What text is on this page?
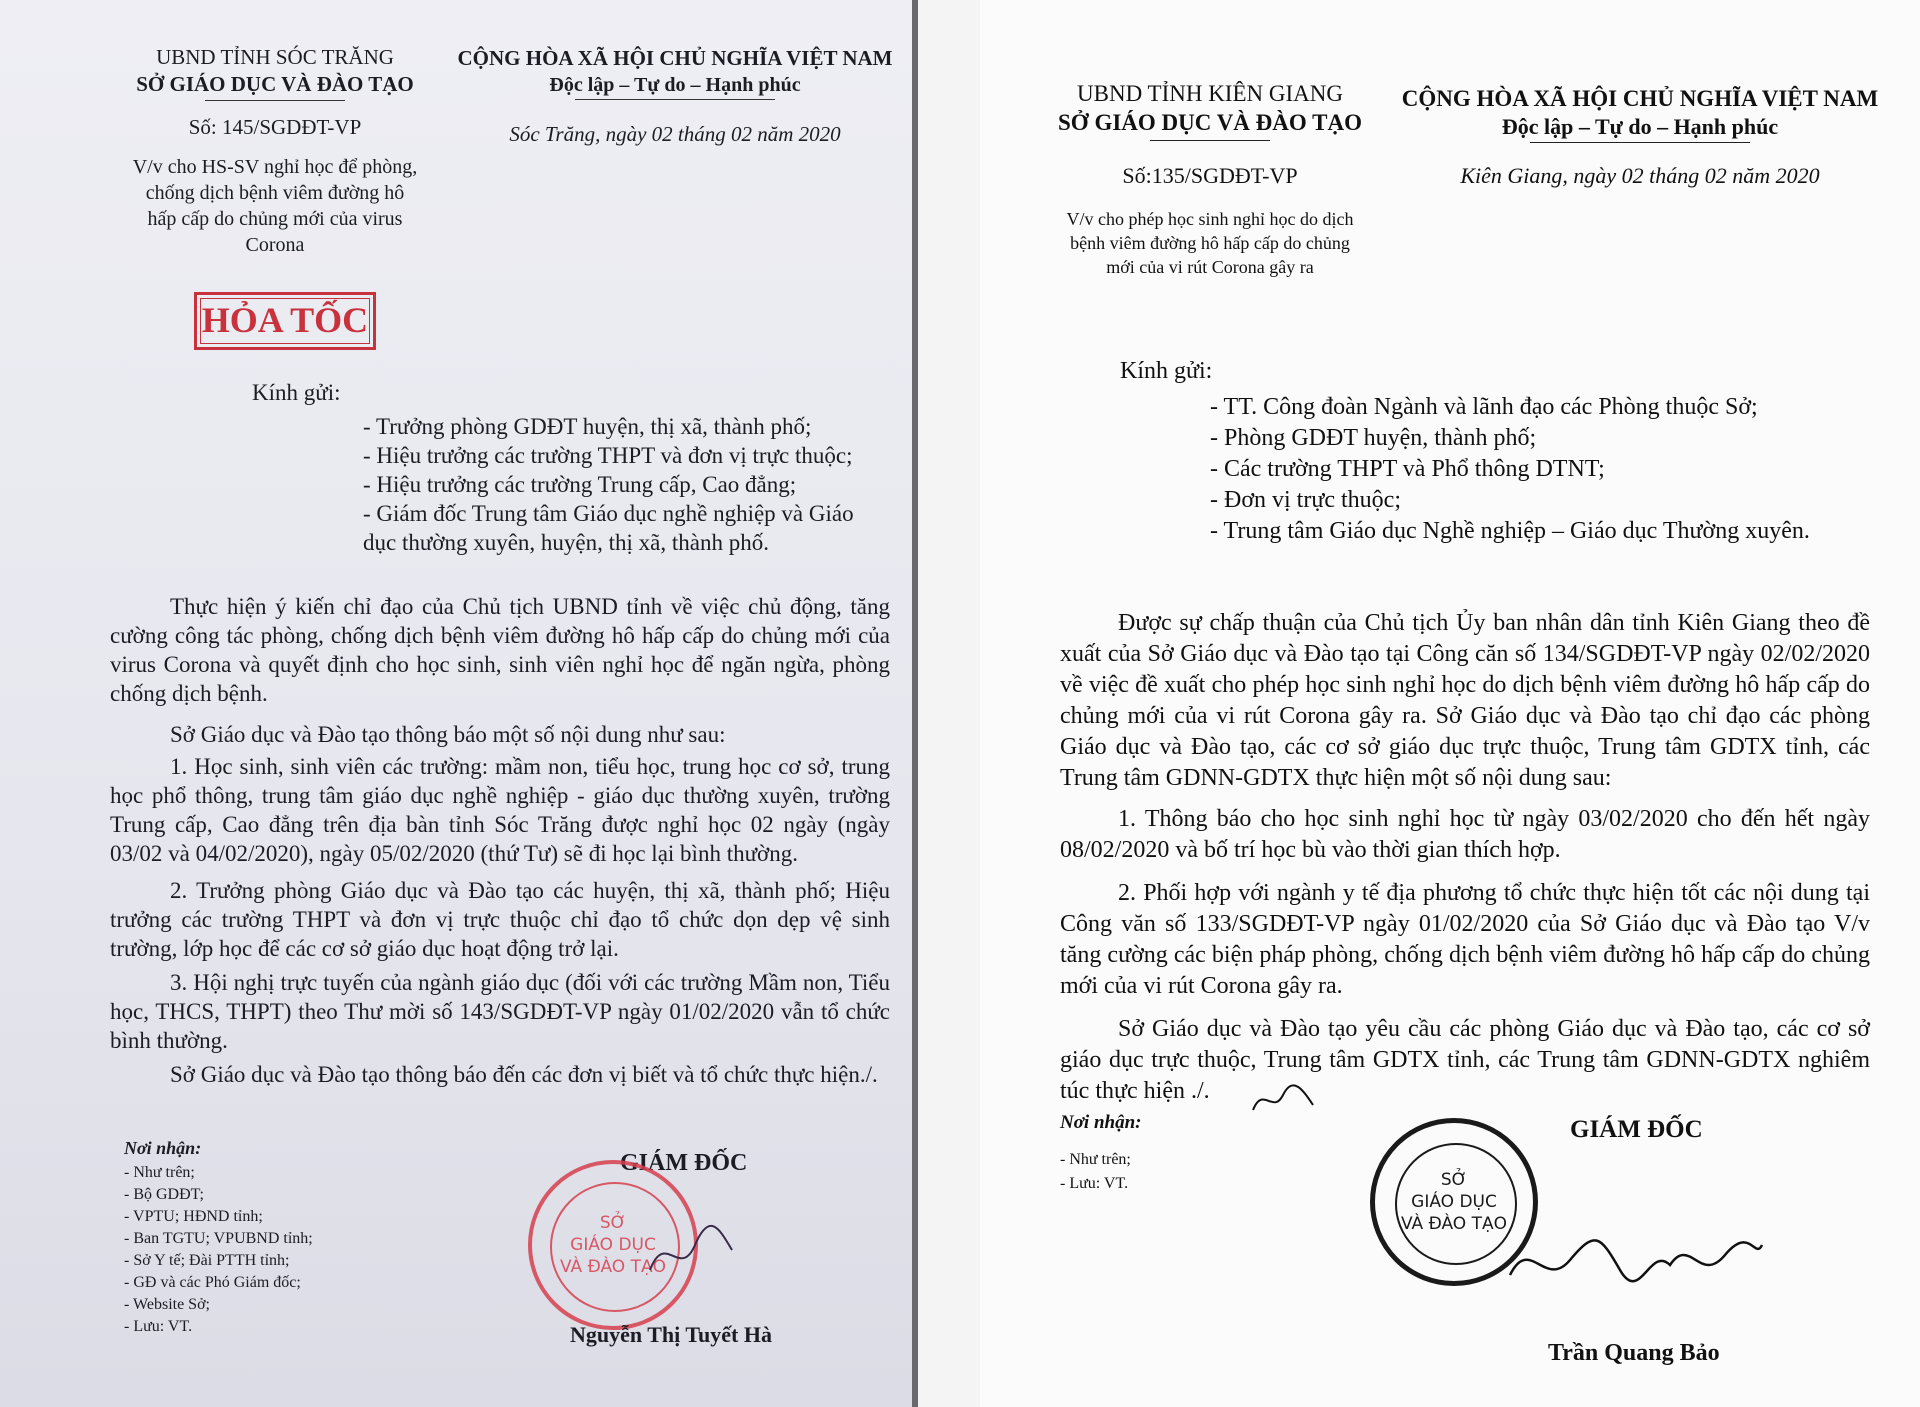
UBND TỈNH SÓC TRĂNG
SỞ GIÁO DỤC VÀ ĐÀO TẠO
Số: 145/SGDĐT-VP
V/v cho HS-SV nghỉ học để phòng,
chống dịch bệnh viêm đường hô
hấp cấp do chủng mới của virus
Corona
CỘNG HÒA XÃ HỘI CHỦ NGHĨA VIỆT NAM
Độc lập – Tự do – Hạnh phúc
Sóc Trăng, ngày 02 tháng 02 năm 2020
HỎA TỐC
Kính gửi:
- Trưởng phòng GDĐT huyện, thị xã, thành phố;
- Hiệu trưởng các trường THPT và đơn vị trực thuộc;
- Hiệu trưởng các trường Trung cấp, Cao đẳng;
- Giám đốc Trung tâm Giáo dục nghề nghiệp và Giáo
dục thường xuyên, huyện, thị xã, thành phố.
Thực hiện ý kiến chỉ đạo của Chủ tịch UBND tỉnh về việc chủ động, tăng cường công tác phòng, chống dịch bệnh viêm đường hô hấp cấp do chủng mới của virus Corona và quyết định cho học sinh, sinh viên nghỉ học để ngăn ngừa, phòng chống dịch bệnh.
Sở Giáo dục và Đào tạo thông báo một số nội dung như sau:
1. Học sinh, sinh viên các trường: mầm non, tiểu học, trung học cơ sở, trung học phổ thông, trung tâm giáo dục nghề nghiệp - giáo dục thường xuyên, trường Trung cấp, Cao đẳng trên địa bàn tỉnh Sóc Trăng được nghỉ học 02 ngày (ngày 03/02 và 04/02/2020), ngày 05/02/2020 (thứ Tư) sẽ đi học lại bình thường.
2. Trưởng phòng Giáo dục và Đào tạo các huyện, thị xã, thành phố; Hiệu trưởng các trường THPT và đơn vị trực thuộc chỉ đạo tổ chức dọn dẹp vệ sinh trường, lớp học để các cơ sở giáo dục hoạt động trở lại.
3. Hội nghị trực tuyến của ngành giáo dục (đối với các trường Mầm non, Tiểu học, THCS, THPT) theo Thư mời số 143/SGDĐT-VP ngày 01/02/2020 vẫn tổ chức bình thường.
Sở Giáo dục và Đào tạo thông báo đến các đơn vị biết và tổ chức thực hiện./.
Nơi nhận:
- Như trên;
- Bộ GDĐT;
- VPTU; HĐND tỉnh;
- Ban TGTU; VPUBND tỉnh;
- Sở Y tế; Đài PTTH tỉnh;
- GĐ và các Phó Giám đốc;
- Website Sở;
- Lưu: VT.
GIÁM ĐỐC
SỞ
GIÁO DỤC
VÀ ĐÀO TẠO
Nguyễn Thị Tuyết Hà
UBND TỈNH KIÊN GIANG
SỞ GIÁO DỤC VÀ ĐÀO TẠO
Số:135/SGDĐT-VP
V/v cho phép học sinh nghỉ học do dịch
bệnh viêm đường hô hấp cấp do chủng
mới của vi rút Corona gây ra
CỘNG HÒA XÃ HỘI CHỦ NGHĨA VIỆT NAM
Độc lập – Tự do – Hạnh phúc
Kiên Giang, ngày 02 tháng 02 năm 2020
Kính gửi:
- TT. Công đoàn Ngành và lãnh đạo các Phòng thuộc Sở;
- Phòng GDĐT huyện, thành phố;
- Các trường THPT và Phổ thông DTNT;
- Đơn vị trực thuộc;
- Trung tâm Giáo dục Nghề nghiệp – Giáo dục Thường xuyên.
Được sự chấp thuận của Chủ tịch Ủy ban nhân dân tỉnh Kiên Giang theo đề xuất của Sở Giáo dục và Đào tạo tại Công căn số 134/SGDĐT-VP ngày 02/02/2020 về việc đề xuất cho phép học sinh nghỉ học do dịch bệnh viêm đường hô hấp cấp do chủng mới của vi rút Corona gây ra. Sở Giáo dục và Đào tạo chỉ đạo các phòng Giáo dục và Đào tạo, các cơ sở giáo dục trực thuộc, Trung tâm GDTX tỉnh, các Trung tâm GDNN-GDTX thực hiện một số nội dung sau:
1. Thông báo cho học sinh nghỉ học từ ngày 03/02/2020 cho đến hết ngày 08/02/2020 và bố trí học bù vào thời gian thích hợp.
2. Phối hợp với ngành y tế địa phương tổ chức thực hiện tốt các nội dung tại Công văn số 133/SGDĐT-VP ngày 01/02/2020 của Sở Giáo dục và Đào tạo V/v tăng cường các biện pháp phòng, chống dịch bệnh viêm đường hô hấp cấp do chủng mới của vi rút Corona gây ra.
Sở Giáo dục và Đào tạo yêu cầu các phòng Giáo dục và Đào tạo, các cơ sở giáo dục trực thuộc, Trung tâm GDTX tỉnh, các Trung tâm GDNN-GDTX nghiêm túc thực hiện ./.
Nơi nhận:
- Như trên;
- Lưu: VT.
GIÁM ĐỐC
SỞ
GIÁO DỤC
VÀ ĐÀO TẠO
Trần Quang Bảo
